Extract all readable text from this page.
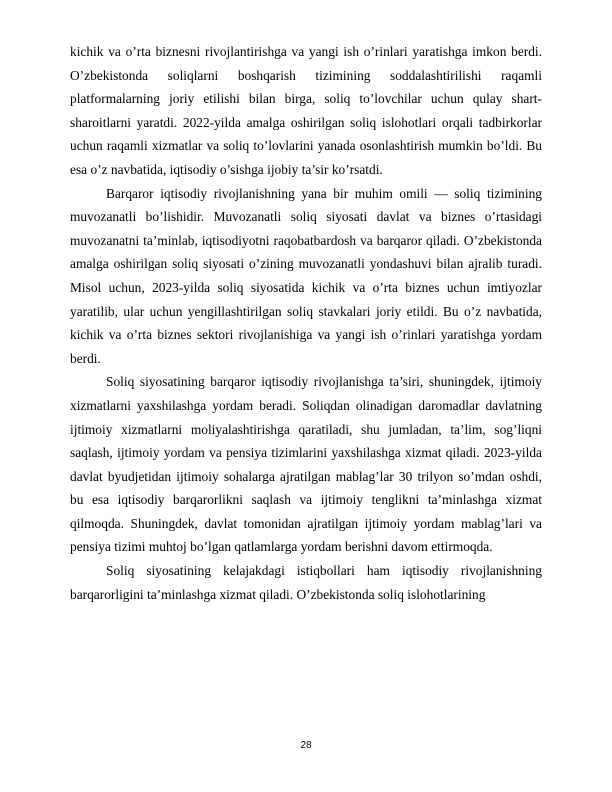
kichik va o’rta biznesni rivojlantirishga va yangi ish o’rinlari yaratishga imkon berdi. O’zbekistonda soliqlarni boshqarish tizimining soddalashtirilishi raqamli platformalarning joriy etilishi bilan birga, soliq to’lovchilar uchun qulay shart-sharoitlarni yaratdi. 2022-yilda amalga oshirilgan soliq islohotlari orqali tadbirkorlar uchun raqamli xizmatlar va soliq to’lovlarini yanada osonlashtirish mumkin bo’ldi. Bu esa o’z navbatida, iqtisodiy o’sishga ijobiy ta’sir ko’rsatdi.

Barqaror iqtisodiy rivojlanishning yana bir muhim omili — soliq tizimining muvozanatli bo’lishidir. Muvozanatli soliq siyosati davlat va biznes o’rtasidagi muvozanatni ta’minlab, iqtisodiyotni raqobatbardosh va barqaror qiladi. O’zbekistonda amalga oshirilgan soliq siyosati o’zining muvozanatli yondashuvi bilan ajralib turadi. Misol uchun, 2023-yilda soliq siyosatida kichik va o’rta biznes uchun imtiyozlar yaratilib, ular uchun yengillashtirilgan soliq stavkalari joriy etildi. Bu o’z navbatida, kichik va o’rta biznes sektori rivojlanishiga va yangi ish o’rinlari yaratishga yordam berdi.

Soliq siyosatining barqaror iqtisodiy rivojlanishga ta’siri, shuningdek, ijtimoiy xizmatlarni yaxshilashga yordam beradi. Soliqdan olinadigan daromadlar davlatning ijtimoiy xizmatlarni moliyalashtirishga qaratiladi, shu jumladan, ta’lim, sog’liqni saqlash, ijtimoiy yordam va pensiya tizimlarini yaxshilashga xizmat qiladi. 2023-yilda davlat byudjetidan ijtimoiy sohalarga ajratilgan mablag’lar 30 trilyon so’mdan oshdi, bu esa iqtisodiy barqarorlikni saqlash va ijtimoiy tenglikni ta’minlashga xizmat qilmoqda. Shuningdek, davlat tomonidan ajratilgan ijtimoiy yordam mablag’lari va pensiya tizimi muhtoj bo’lgan qatlamlarga yordam berishni davom ettirmoqda.

Soliq siyosatining kelajakdagi istiqbollari ham iqtisodiy rivojlanishning barqarorligini ta’minlashga xizmat qiladi. O’zbekistonda soliq islohotlarining

28
